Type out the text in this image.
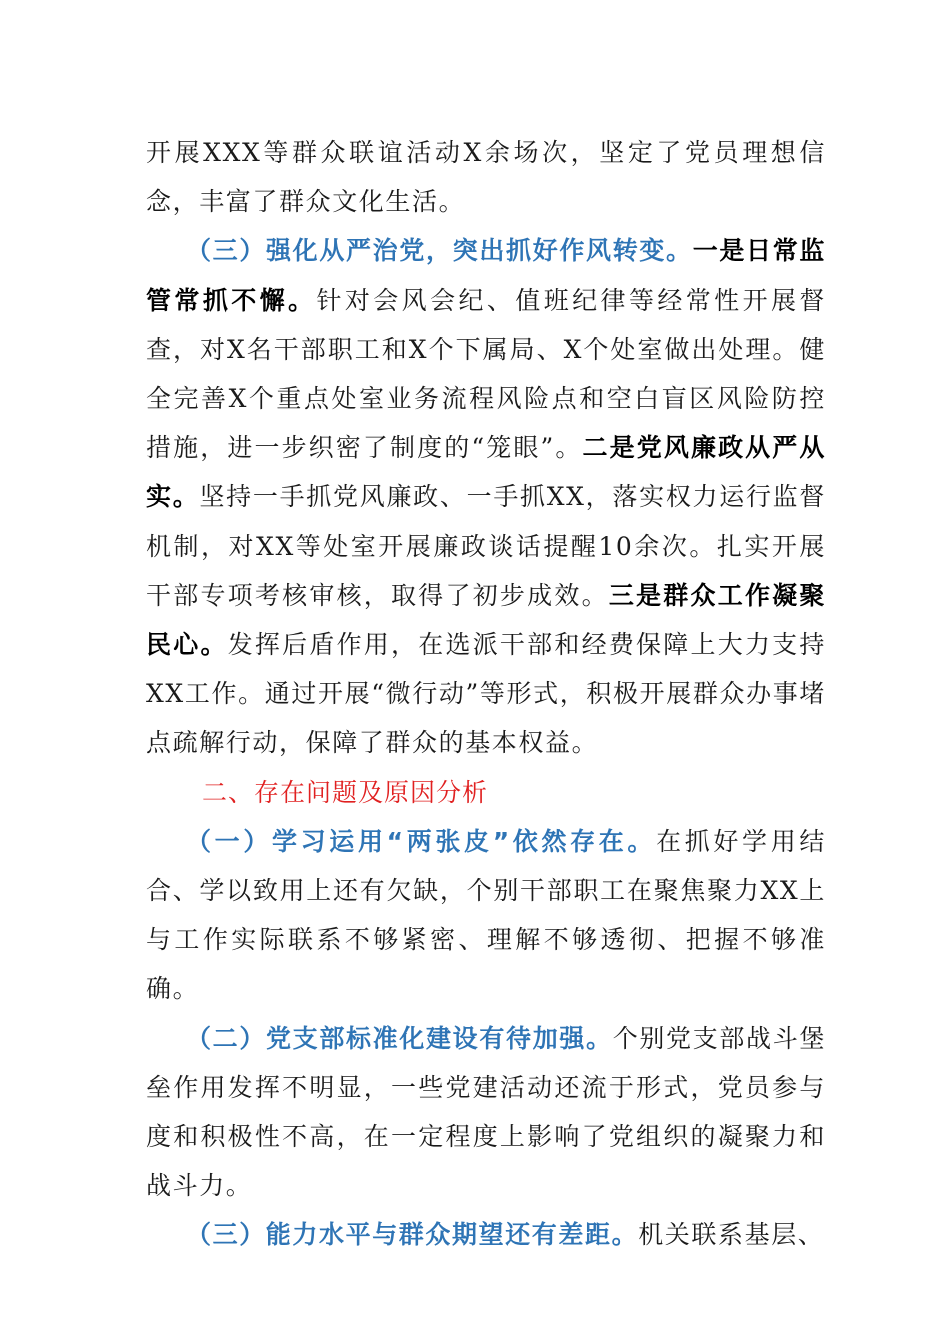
开展XXX等群众联谊活动X余场次，坚定了党员理想信念，丰富了群众文化生活。

（三）强化从严治党，突出抓好作风转变。一是日常监管常抓不懈。针对会风会纪、值班纪律等经常性开展督查，对X名干部职工和X个下属局、X个处室做出处理。健全完善X个重点处室业务流程风险点和空白盲区风险防控措施，进一步织密了制度的“笼眼”。二是党风廉政从严从实。坚持一手抓党风廉政、一手抓XX，落实权力运行监督机制，对XX等处室开展廉政谈话提醒10余次。扎实开展干部专项考核审核，取得了初步成效。三是群众工作凝聚民心。发挥后盾作用，在选派干部和经费保障上大力支持XX工作。通过开展“微行动”等形式，积极开展群众办事堵点疏解行动，保障了群众的基本权益。

二、存在问题及原因分析

（一）学习运用“两张皮”依然存在。在抓好学用结合、学以致用上还有欠缺，个别干部职工在聚焦聚力XX上与工作实际联系不够紧密、理解不够透彻、把握不够准确。

（二）党支部标准化建设有待加强。个别党支部战斗堡垒作用发挥不明显，一些党建活动还流于形式，党员参与度和积极性不高，在一定程度上影响了党组织的凝聚力和战斗力。

（三）能力水平与群众期望还有差距。机关联系基层、
